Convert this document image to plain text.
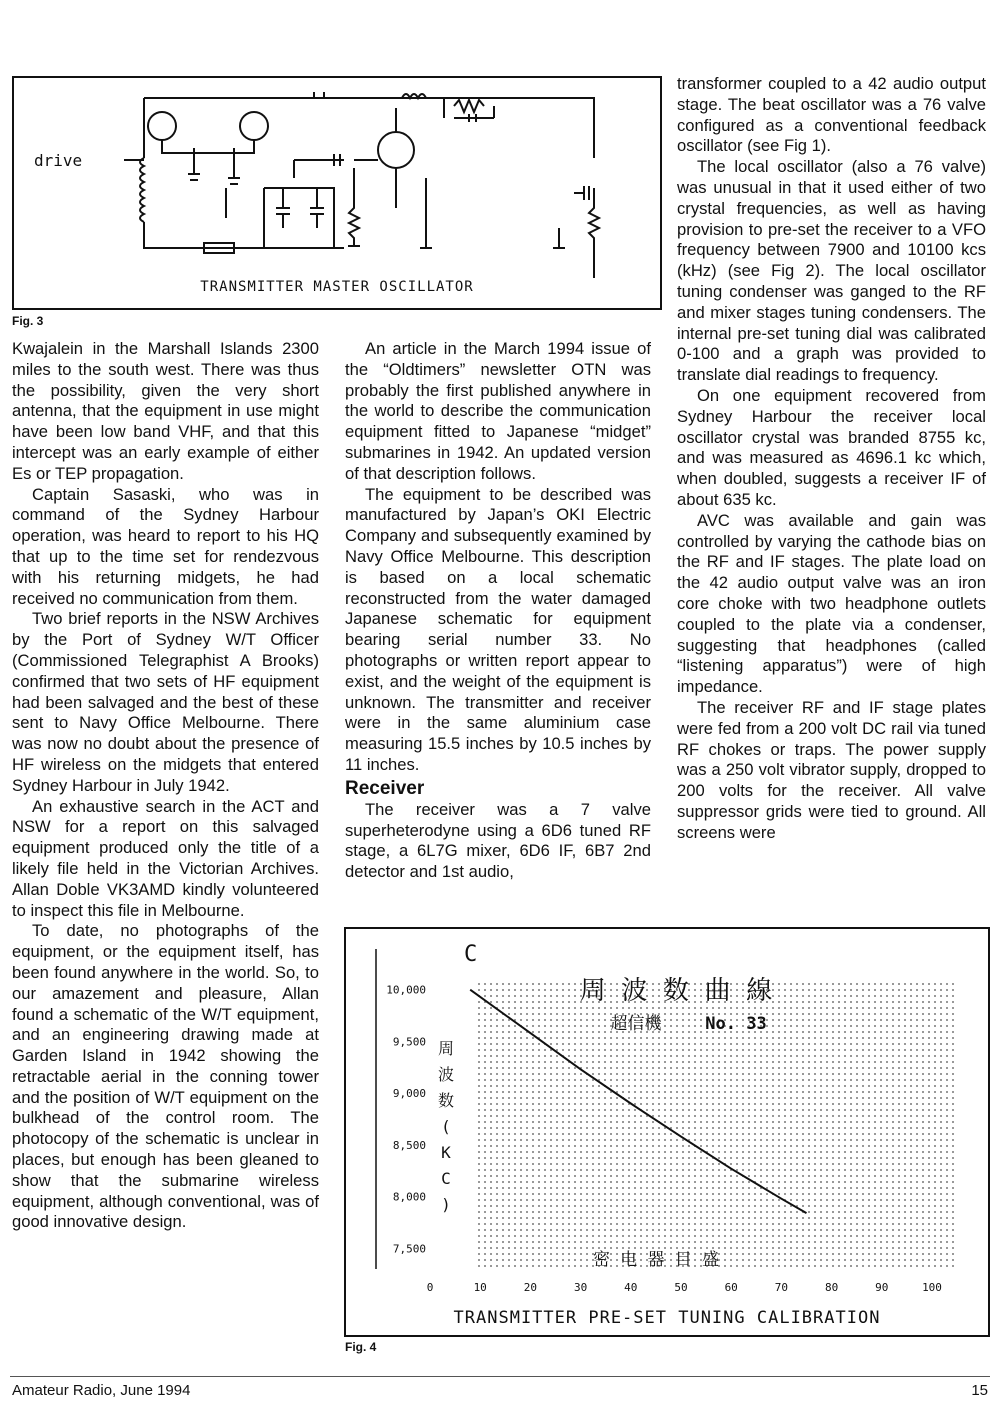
drive
TRANSMITTER MASTER OSCILLATOR
Fig. 3

Kwajalein in the Marshall Islands 2300 miles to the south west. There was thus the possibility, given the very short antenna, that the equipment in use might have been low band VHF, and that this intercept was an early example of either Es or TEP propagation.

Captain Sasaski, who was in command of the Sydney Harbour operation, was heard to report to his HQ that up to the time set for rendezvous with his returning midgets, he had received no communication from them.

Two brief reports in the NSW Archives by the Port of Sydney W/T Officer (Commissioned Telegraphist A Brooks) confirmed that two sets of HF equipment had been salvaged and the best of these sent to Navy Office Melbourne. There was now no doubt about the presence of HF wireless on the midgets that entered Sydney Harbour in July 1942.

An exhaustive search in the ACT and NSW for a report on this salvaged equipment produced only the title of a likely file held in the Victorian Archives. Allan Doble VK3AMD kindly volunteered to inspect this file in Melbourne.

To date, no photographs of the equipment, or the equipment itself, has been found anywhere in the world. So, to our amazement and pleasure, Allan found a schematic of the W/T equipment, and an engineering drawing made at Garden Island in 1942 showing the retractable aerial in the conning tower and the position of W/T equipment on the bulkhead of the control room. The photocopy of the schematic is unclear in places, but enough has been gleaned to show that the submarine wireless equipment, although conventional, was of good innovative design.

An article in the March 1994 issue of the “Oldtimers” newsletter OTN was probably the first published anywhere in the world to describe the communication equipment fitted to Japanese “midget” submarines in 1942. An updated version of that description follows.

The equipment to be described was manufactured by Japan’s OKI Electric Company and subsequently examined by Navy Office Melbourne. This description is based on a local schematic reconstructed from the water damaged Japanese schematic for equipment bearing serial number 33. No photographs or written report appear to exist, and the weight of the equipment is unknown. The transmitter and receiver were in the same aluminium case measuring 15.5 inches by 10.5 inches by 11 inches.

Receiver

The receiver was a 7 valve superheterodyne using a 6D6 tuned RF stage, a 6L7G mixer, 6D6 IF, 6B7 2nd detector and 1st audio,

transformer coupled to a 42 audio output stage. The beat oscillator was a 76 valve configured as a conventional feedback oscillator (see Fig 1).

The local oscillator (also a 76 valve) was unusual in that it used either of two crystal frequencies, as well as having provision to pre-set the receiver to a VFO frequency between 7900 and 10100 kcs (kHz) (see Fig 2). The local oscillator tuning condenser was ganged to the RF and mixer stages tuning condensers. The internal pre-set tuning dial was calibrated 0-100 and a graph was provided to translate dial readings to frequency.

On one equipment recovered from Sydney Harbour the receiver local oscillator crystal was branded 8755 kc, and was measured as 4696.1 kc which, when doubled, suggests a receiver IF of about 635 kc.

AVC was available and gain was controlled by varying the cathode bias on the RF and IF stages. The plate load on the 42 audio output valve was an iron core choke with two headphone outlets coupled to the plate via a condenser, suggesting that headphones (called “listening apparatus”) were of high impedance.

The receiver RF and IF stage plates were fed from a 200 volt DC rail via tuned RF chokes or traps. The power supply was a 250 volt vibrator supply, dropped to 200 volts for the receiver. All valve suppressor grids were tied to ground. All screens were

C
周 波 数 曲 線
超信機	No. 33
周
波
数
(
K
C
)
密 电 器 目 盛
10,000
9,500
9,000
8,500
8,000
7,500
0	10	20	30	40	50	60	70	80	90	100
TRANSMITTER PRE-SET TUNING CALIBRATION
Fig. 4
Amateur Radio, June 1994	15
